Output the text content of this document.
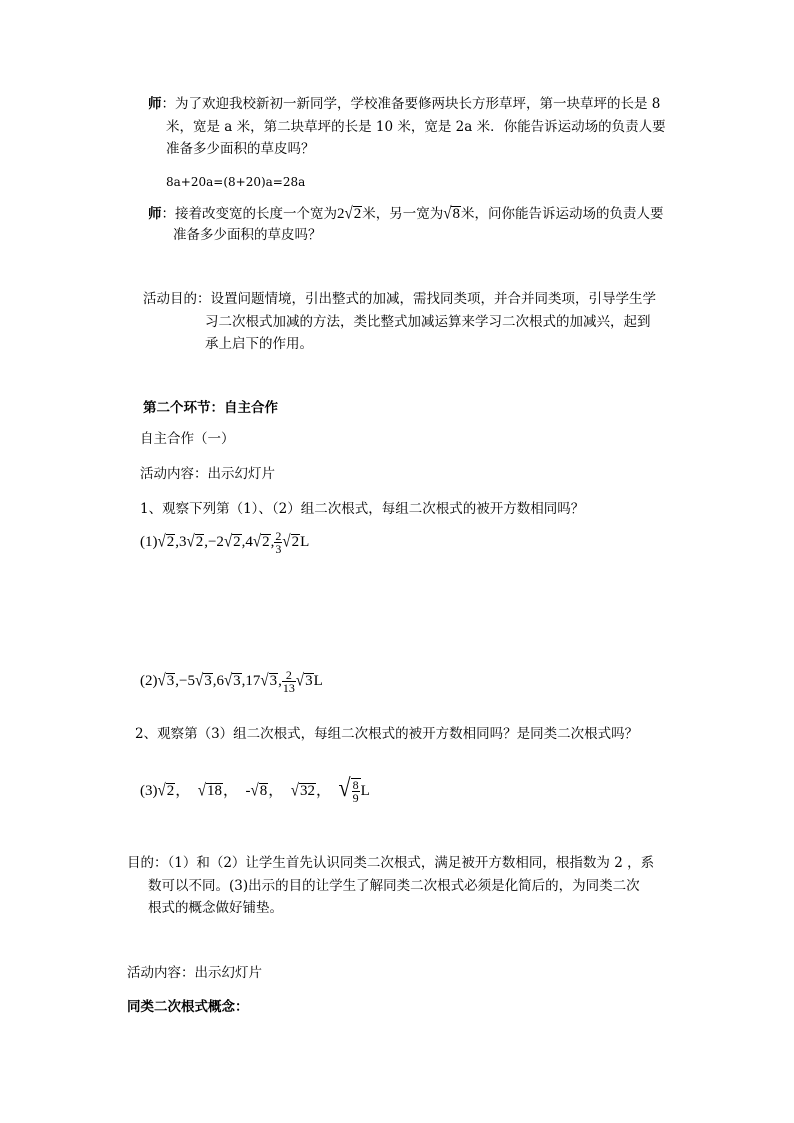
师：为了欢迎我校新初一新同学，学校准备要修两块长方形草坪，第一块草坪的长是 8
米，宽是 a 米，第二块草坪的长是 10 米，宽是 2a 米．你能告诉运动场的负责人要
准备多少面积的草皮吗？
8a+20a=(8+20)a=28a
师：接着改变宽的长度一个宽为2√2米，另一宽为√8米，问你能告诉运动场的负责人要
准备多少面积的草皮吗？
活动目的：设置问题情境，引出整式的加减，需找同类项，并合并同类项，引导学生学
习二次根式加减的方法，类比整式加减运算来学习二次根式的加减兴，起到
承上启下的作用。
第二个环节：自主合作
自主合作（一）
活动内容：出示幻灯片
1、观察下列第（1）、（2）组二次根式，每组二次根式的被开方数相同吗？
(1)√2,3√2,−2√2,4√2, $\frac{2}{3} √2L$
(2)√3,−5√3,6√3,17√3, $\frac{2}{13} √3L$
2、观察第（3）组二次根式，每组二次根式的被开方数相同吗？是同类二次根式吗？
(3)√2， √18， -√8， √32， √ $\frac{8}{9}$ L
目的：（1）和（2）让学生首先认识同类二次根式，满足被开方数相同，根指数为 2 ，系
数可以不同。(3)出示的目的让学生了解同类二次根式必须是化简后的，为同类二次
根式的概念做好铺垫。
活动内容：出示幻灯片
同类二次根式概念：
